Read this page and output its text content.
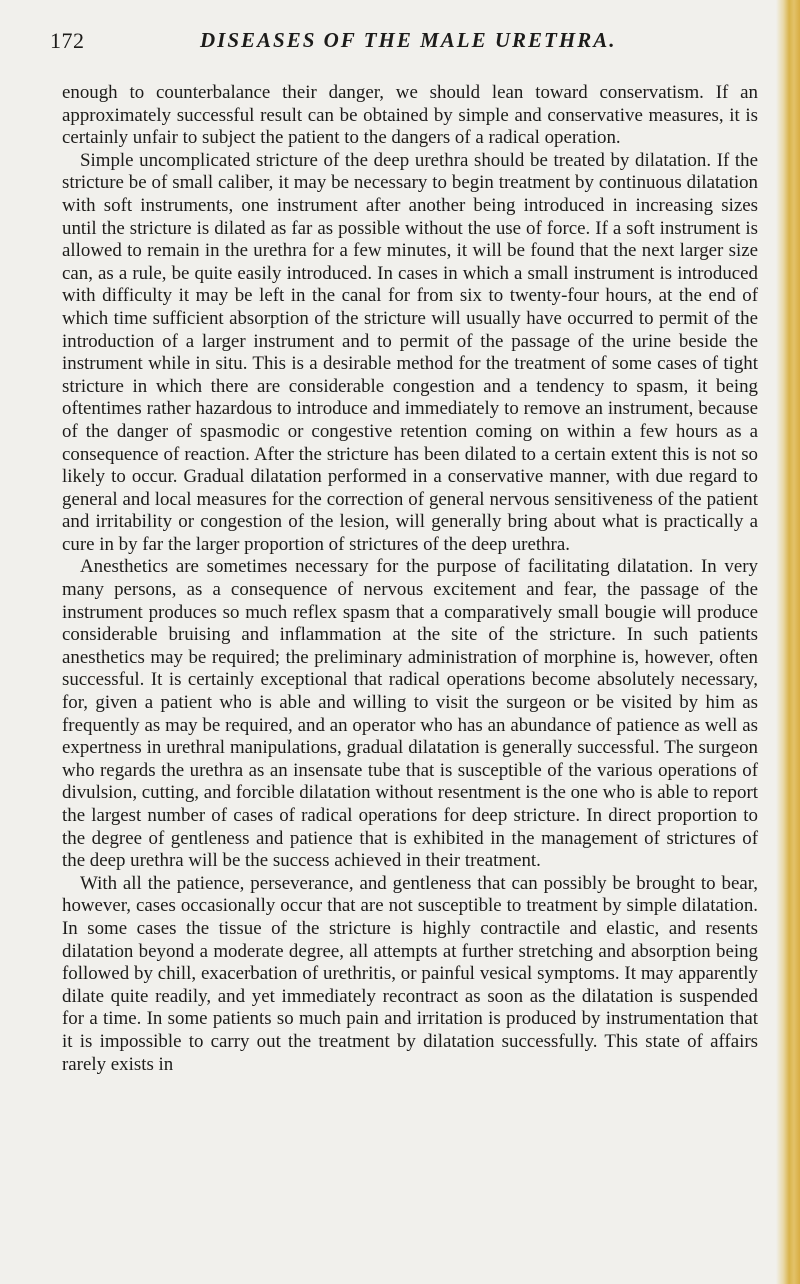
172	DISEASES OF THE MALE URETHRA.

enough to counterbalance their danger, we should lean toward conservatism. If an approximately successful result can be obtained by simple and conservative measures, it is certainly unfair to subject the patient to the dangers of a radical operation.

Simple uncomplicated stricture of the deep urethra should be treated by dilatation. If the stricture be of small caliber, it may be necessary to begin treatment by continuous dilatation with soft instruments, one instrument after another being introduced in increasing sizes until the stricture is dilated as far as possible without the use of force. If a soft instrument is allowed to remain in the urethra for a few minutes, it will be found that the next larger size can, as a rule, be quite easily introduced. In cases in which a small instrument is introduced with difficulty it may be left in the canal for from six to twenty-four hours, at the end of which time sufficient absorption of the stricture will usually have occurred to permit of the introduction of a larger instrument and to permit of the passage of the urine beside the instrument while in situ. This is a desirable method for the treatment of some cases of tight stricture in which there are considerable congestion and a tendency to spasm, it being oftentimes rather hazardous to introduce and immediately to remove an instrument, because of the danger of spasmodic or congestive retention coming on within a few hours as a consequence of reaction. After the stricture has been dilated to a certain extent this is not so likely to occur. Gradual dilatation performed in a conservative manner, with due regard to general and local measures for the correction of general nervous sensitiveness of the patient and irritability or congestion of the lesion, will generally bring about what is practically a cure in by far the larger proportion of strictures of the deep urethra.

Anesthetics are sometimes necessary for the purpose of facilitating dilatation. In very many persons, as a consequence of nervous excitement and fear, the passage of the instrument produces so much reflex spasm that a comparatively small bougie will produce considerable bruising and inflammation at the site of the stricture. In such patients anesthetics may be required; the preliminary administration of morphine is, however, often successful. It is certainly exceptional that radical operations become absolutely necessary, for, given a patient who is able and willing to visit the surgeon or be visited by him as frequently as may be required, and an operator who has an abundance of patience as well as expertness in urethral manipulations, gradual dilatation is generally successful. The surgeon who regards the urethra as an insensate tube that is susceptible of the various operations of divulsion, cutting, and forcible dilatation without resentment is the one who is able to report the largest number of cases of radical operations for deep stricture. In direct proportion to the degree of gentleness and patience that is exhibited in the management of strictures of the deep urethra will be the success achieved in their treatment.

With all the patience, perseverance, and gentleness that can possibly be brought to bear, however, cases occasionally occur that are not susceptible to treatment by simple dilatation. In some cases the tissue of the stricture is highly contractile and elastic, and resents dilatation beyond a moderate degree, all attempts at further stretching and absorption being followed by chill, exacerbation of urethritis, or painful vesical symptoms. It may apparently dilate quite readily, and yet immediately recontract as soon as the dilatation is suspended for a time. In some patients so much pain and irritation is produced by instrumentation that it is impossible to carry out the treatment by dilatation successfully. This state of affairs rarely exists in
